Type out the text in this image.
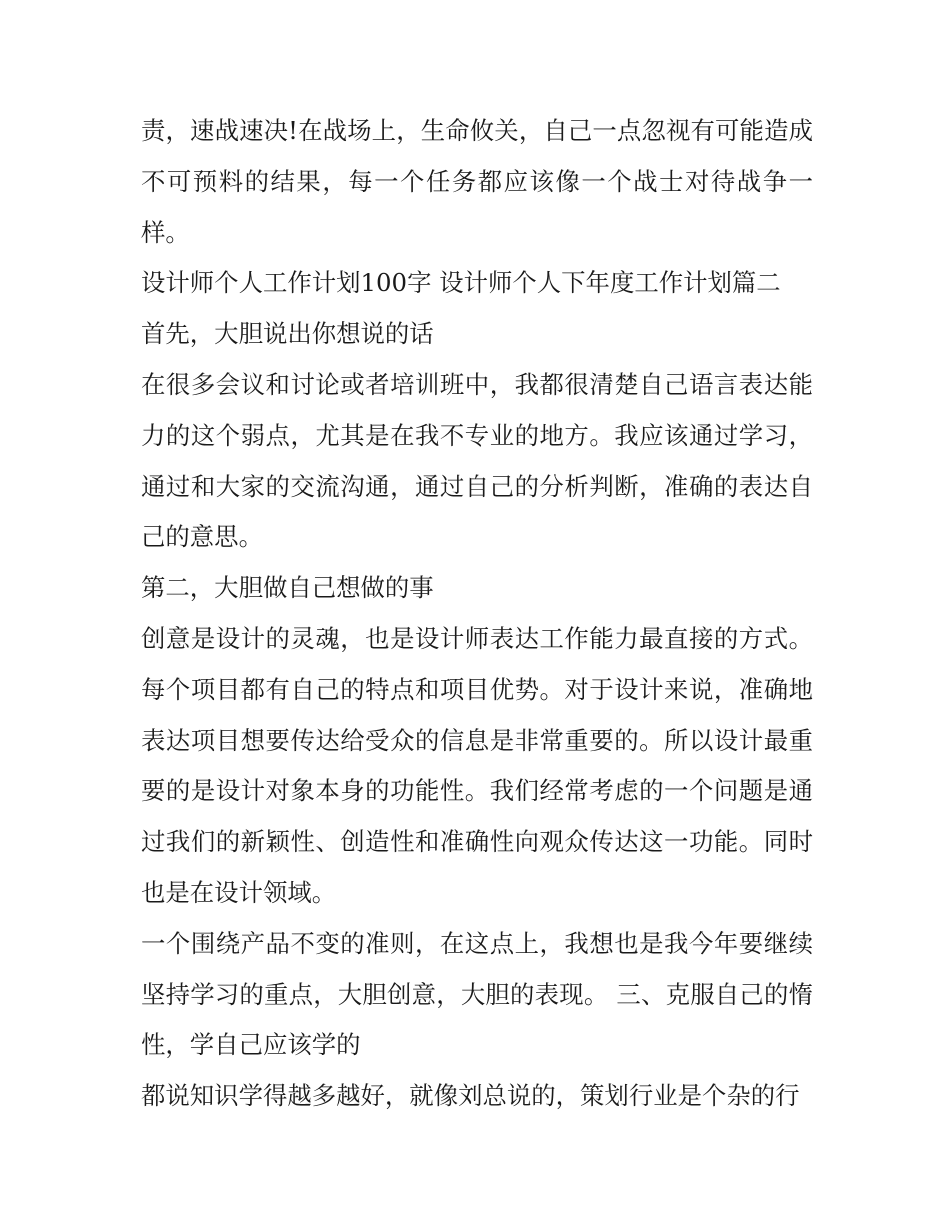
责，速战速决!在战场上，生命攸关，自己一点忽视有可能造成不可预料的结果，每一个任务都应该像一个战士对待战争一样。

设计师个人工作计划100字 设计师个人下年度工作计划篇二

首先，大胆说出你想说的话

在很多会议和讨论或者培训班中，我都很清楚自己语言表达能力的这个弱点，尤其是在我不专业的地方。我应该通过学习，通过和大家的交流沟通，通过自己的分析判断，准确的表达自己的意思。

第二，大胆做自己想做的事

创意是设计的灵魂，也是设计师表达工作能力最直接的方式。每个项目都有自己的特点和项目优势。对于设计来说，准确地表达项目想要传达给受众的信息是非常重要的。所以设计最重要的是设计对象本身的功能性。我们经常考虑的一个问题是通过我们的新颖性、创造性和准确性向观众传达这一功能。同时也是在设计领域。

一个围绕产品不变的准则，在这点上，我想也是我今年要继续坚持学习的重点，大胆创意，大胆的表现。 三、克服自己的惰性，学自己应该学的

都说知识学得越多越好，就像刘总说的，策划行业是个杂的行
